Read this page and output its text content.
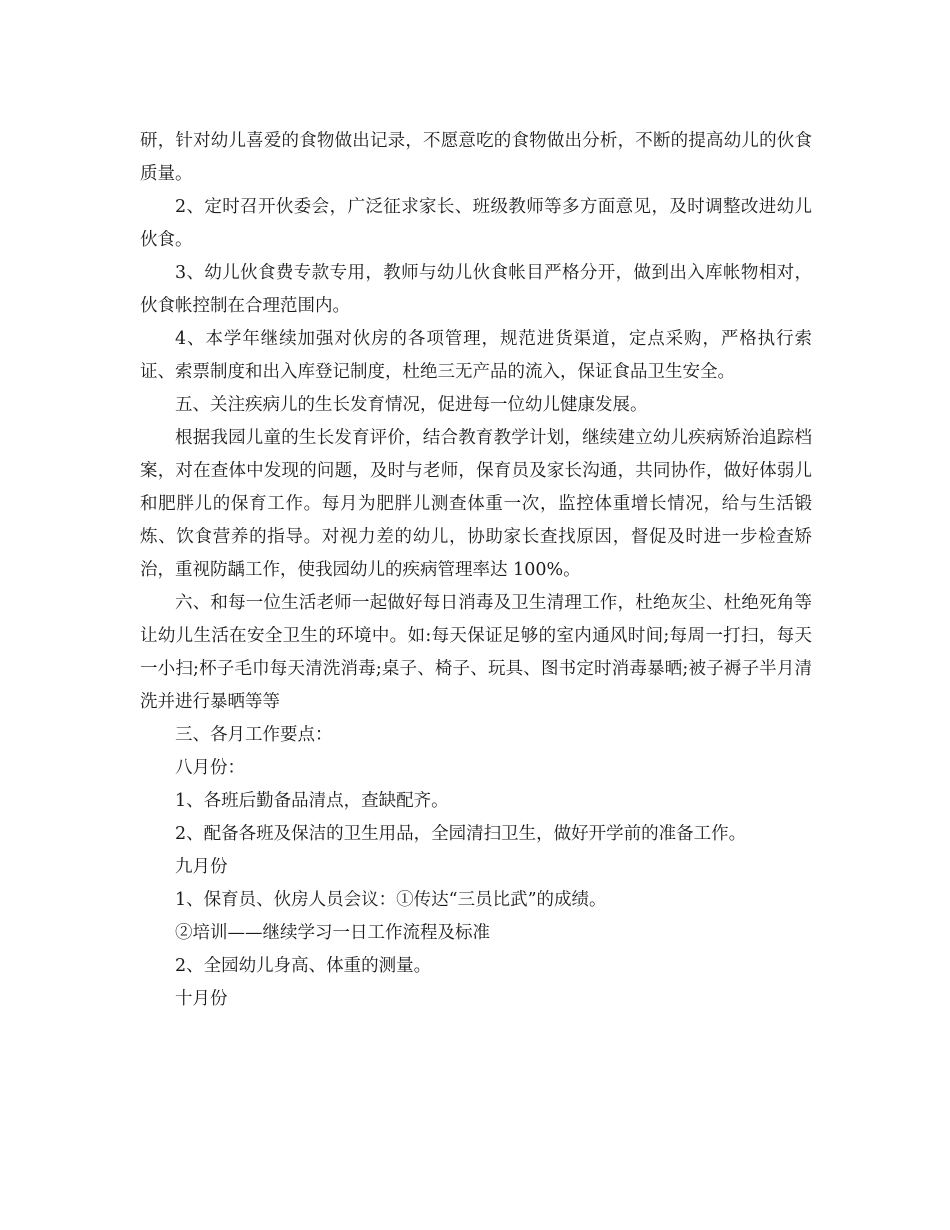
研，针对幼儿喜爱的食物做出记录，不愿意吃的食物做出分析，不断的提高幼儿的伙食质量。

2、定时召开伙委会，广泛征求家长、班级教师等多方面意见，及时调整改进幼儿伙食。

3、幼儿伙食费专款专用，教师与幼儿伙食帐目严格分开，做到出入库帐物相对，伙食帐控制在合理范围内。

4、本学年继续加强对伙房的各项管理，规范进货渠道，定点采购，严格执行索证、索票制度和出入库登记制度，杜绝三无产品的流入，保证食品卫生安全。

五、关注疾病儿的生长发育情况，促进每一位幼儿健康发展。

根据我园儿童的生长发育评价，结合教育教学计划，继续建立幼儿疾病矫治追踪档案，对在查体中发现的问题，及时与老师，保育员及家长沟通，共同协作，做好体弱儿和肥胖儿的保育工作。每月为肥胖儿测查体重一次，监控体重增长情况，给与生活锻炼、饮食营养的指导。对视力差的幼儿，协助家长查找原因，督促及时进一步检查矫治，重视防龋工作，使我园幼儿的疾病管理率达 100%。

六、和每一位生活老师一起做好每日消毒及卫生清理工作，杜绝灰尘、杜绝死角等让幼儿生活在安全卫生的环境中。如:每天保证足够的室内通风时间;每周一打扫，每天一小扫;杯子毛巾每天清洗消毒;桌子、椅子、玩具、图书定时消毒暴晒;被子褥子半月清洗并进行暴晒等等

三、各月工作要点：

八月份：

1、各班后勤备品清点，查缺配齐。

2、配备各班及保洁的卫生用品，全园清扫卫生，做好开学前的准备工作。

九月份

1、保育员、伙房人员会议：①传达“三员比武”的成绩。

②培训——继续学习一日工作流程及标准

2、全园幼儿身高、体重的测量。

十月份
